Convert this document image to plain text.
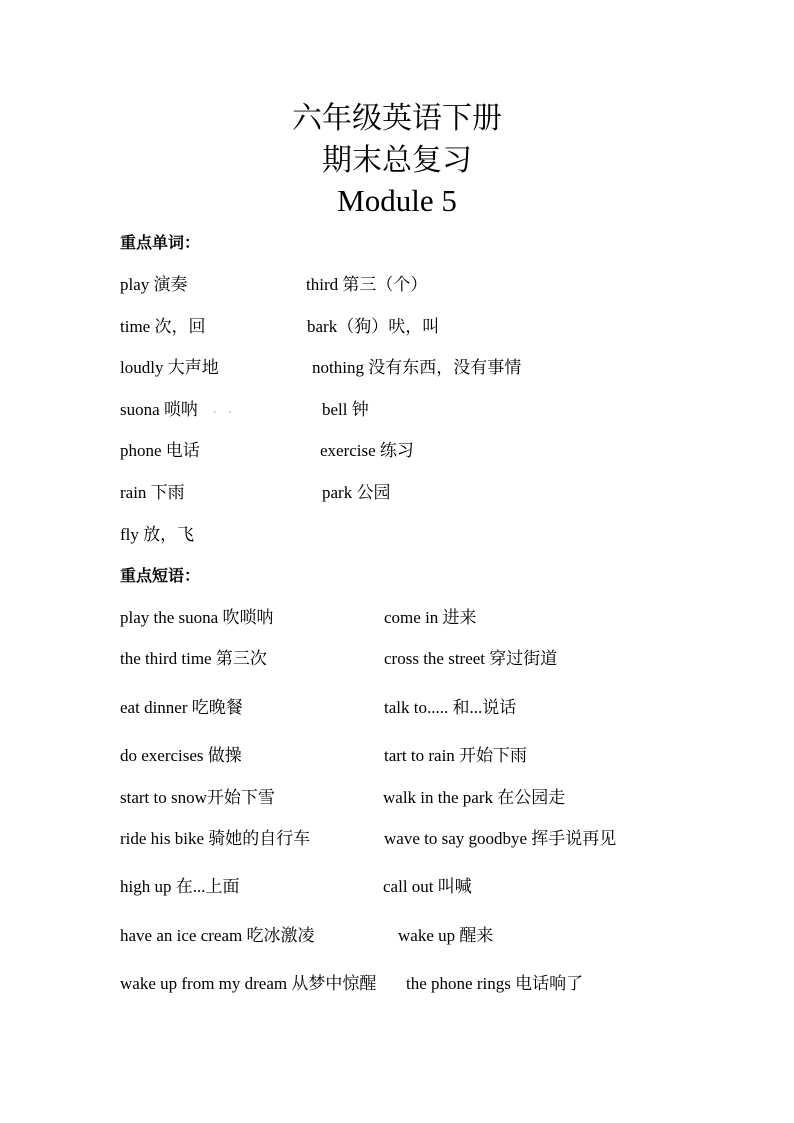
六年级英语下册
期末总复习
Module 5
重点单词：
play 演奏	third 第三（个）
time 次，回	bark（狗）吠，叫
loudly 大声地	nothing 没有东西，没有事情
suona 唢呐 ..	bell 钟
phone 电话	exercise 练习
rain 下雨	park 公园
fly 放，飞
重点短语：
play the suona 吹唢呐	come in 进来
the third time 第三次	cross the street 穿过街道
eat dinner 吃晚餐	talk to..... 和...说话
do exercises 做操	tart to rain 开始下雨
start to snow开始下雪	walk in the park 在公园走
ride his bike 骑她的自行车	wave to say goodbye 挥手说再见
high up 在...上面	call out 叫喊
have an ice cream 吃冰激凌	wake up 醒来
wake up from my dream 从梦中惊醒 the phone rings 电话响了
